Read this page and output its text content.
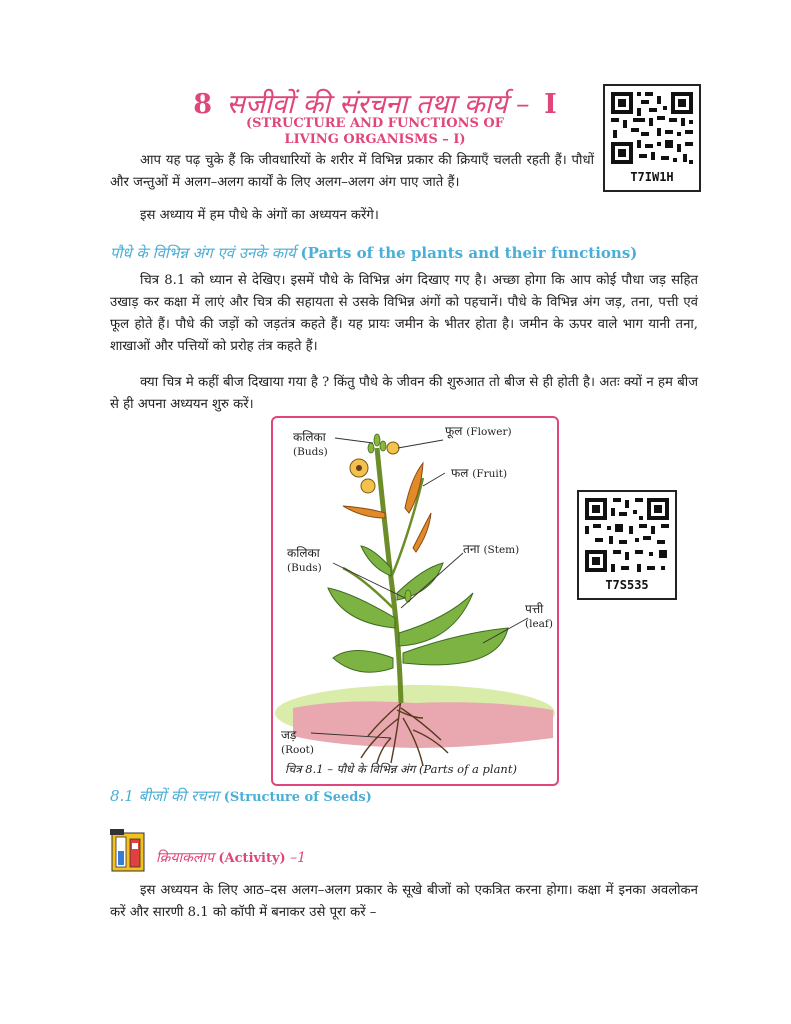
8 सजीवों की संरचना तथा कार्य – I
(STRUCTURE AND FUNCTIONS OF
LIVING ORGANISMS – I)
T7IW1H
आप यह पढ़ चुके हैं कि जीवधारियों के शरीर में विभिन्न प्रकार की क्रियाएँ चलती रहती हैं। पौधों और जन्तुओं में अलग–अलग कार्यों के लिए अलग–अलग अंग पाए जाते हैं।
इस अध्याय में हम पौधे के अंगों का अध्ययन करेंगे।
पौधे के विभिन्न अंग एवं उनके कार्य (Parts of the plants and their functions)
चित्र 8.1 को ध्यान से देखिए। इसमें पौधे के विभिन्न अंग दिखाए गए है। अच्छा होगा कि आप कोई पौधा जड़ सहित उखाड़ कर कक्षा में लाएं और चित्र की सहायता से उसके विभिन्न अंगों को पहचानें। पौधे के विभिन्न अंग जड़, तना, पत्ती एवं फूल होते हैं। पौधे की जड़ों को जड़तंत्र कहते हैं। यह प्रायः जमीन के भीतर होता है। जमीन के ऊपर वाले भाग यानी तना, शाखाओं और पत्तियों को प्ररोह तंत्र कहते हैं।
क्या चित्र मे कहीं बीज दिखाया गया है ? किंतु पौधे के जीवन की शुरुआत तो बीज से ही होती है। अतः क्यों न हम बीज से ही अपना अध्ययन शुरु करें।
कलिका
(Buds)
फूल (Flower)
फल (Fruit)
कलिका
(Buds)
तना (Stem)
पत्ती
(leaf)
जड़
(Root)
चित्र 8.1 – पौधे के विभिन्न अंग (Parts of a plant)
T7S535
8.1 बीजों की रचना (Structure of Seeds)
क्रियाकलाप (Activity) –1
इस अध्ययन के लिए आठ–दस अलग–अलग प्रकार के सूखे बीजों को एकत्रित करना होगा। कक्षा में इनका अवलोकन करें और सारणी 8.1 को कॉपी में बनाकर उसे पूरा करें –
